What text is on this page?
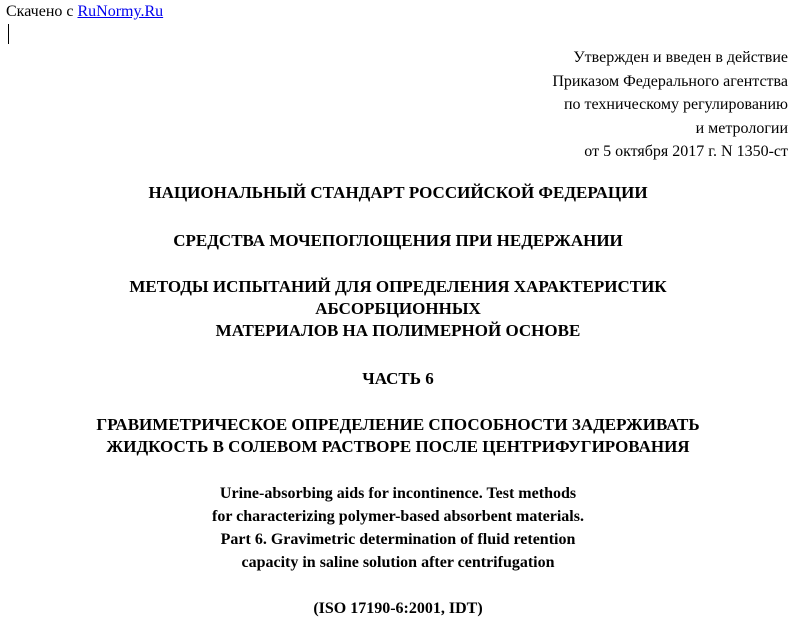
Скачено с RuNormy.Ru
Утвержден и введен в действие
Приказом Федерального агентства
по техническому регулированию
и метрологии
от 5 октября 2017 г. N 1350-ст
НАЦИОНАЛЬНЫЙ СТАНДАРТ РОССИЙСКОЙ ФЕДЕРАЦИИ
СРЕДСТВА МОЧЕПОГЛОЩЕНИЯ ПРИ НЕДЕРЖАНИИ
МЕТОДЫ ИСПЫТАНИЙ ДЛЯ ОПРЕДЕЛЕНИЯ ХАРАКТЕРИСТИК
АБСОРБЦИОННЫХ
МАТЕРИАЛОВ НА ПОЛИМЕРНОЙ ОСНОВЕ
ЧАСТЬ 6
ГРАВИМЕТРИЧЕСКОЕ ОПРЕДЕЛЕНИЕ СПОСОБНОСТИ ЗАДЕРЖИВАТЬ
ЖИДКОСТЬ В СОЛЕВОМ РАСТВОРЕ ПОСЛЕ ЦЕНТРИФУГИРОВАНИЯ
Urine-absorbing aids for incontinence. Test methods
for characterizing polymer-based absorbent materials.
Part 6. Gravimetric determination of fluid retention
capacity in saline solution after centrifugation
(ISO 17190-6:2001, IDT)
